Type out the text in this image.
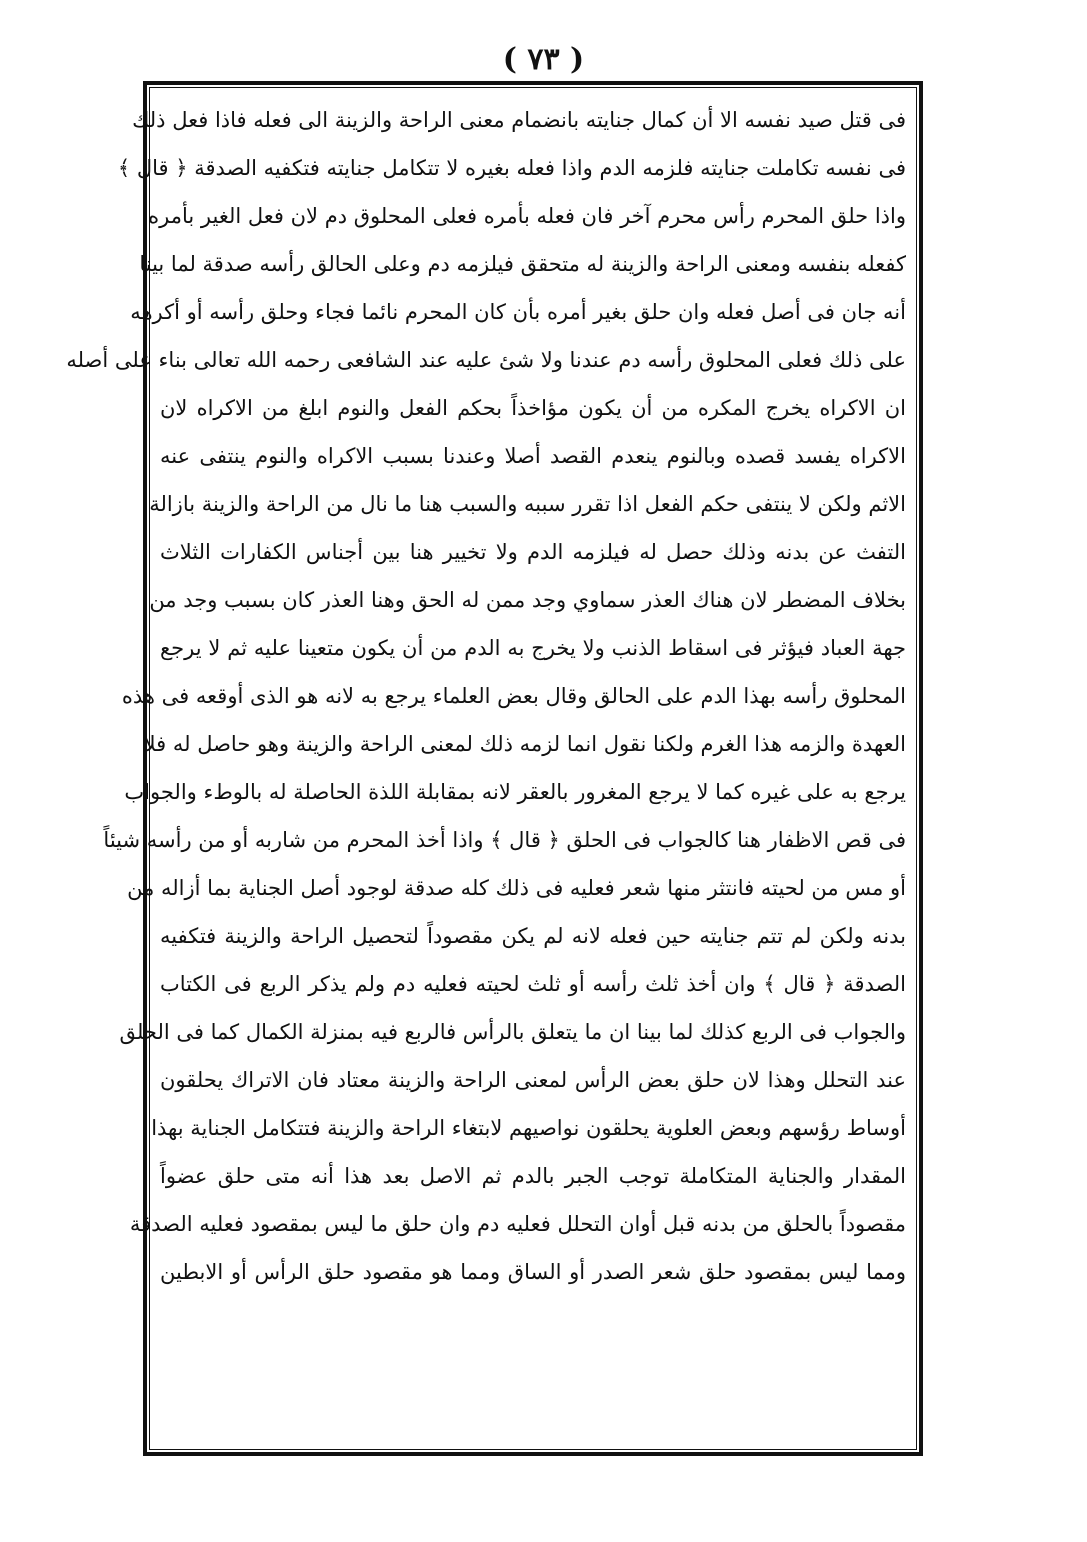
( ٧٣ )
فى قتل صيد نفسه الا أن كمال جنايته بانضمام معنى الراحة والزينة الى فعله فاذا فعل ذلك
فى نفسه تكاملت جنايته فلزمه الدم واذا فعله بغيره لا تتكامل جنايته فتكفيه الصدقة ﴿ قال ﴾
واذا حلق المحرم رأس محرم آخر فان فعله بأمره فعلى المحلوق دم لان فعل الغير بأمره
كفعله بنفسه ومعنى الراحة والزينة له متحقق فيلزمه دم وعلى الحالق رأسه صدقة لما بينا
أنه جان فى أصل فعله وان حلق بغير أمره بأن كان المحرم نائما فجاء وحلق رأسه أو أكرهه
على ذلك فعلى المحلوق رأسه دم عندنا ولا شئ عليه عند الشافعى رحمه الله تعالى بناء على أصله
ان الاكراه يخرج المكره من أن يكون مؤاخذاً بحكم الفعل والنوم ابلغ من الاكراه لان
الاكراه يفسد قصده وبالنوم ينعدم القصد أصلا وعندنا بسبب الاكراه والنوم ينتفى عنه
الاثم ولكن لا ينتفى حكم الفعل اذا تقرر سببه والسبب هنا ما نال من الراحة والزينة بازالة
التفث عن بدنه وذلك حصل له فيلزمه الدم ولا تخيير هنا بين أجناس الكفارات الثلاث
بخلاف المضطر لان هناك العذر سماوي وجد ممن له الحق وهنا العذر كان بسبب وجد من
جهة العباد فيؤثر فى اسقاط الذنب ولا يخرج به الدم من أن يكون متعينا عليه ثم لا يرجع
المحلوق رأسه بهذا الدم على الحالق وقال بعض العلماء يرجع به لانه هو الذى أوقعه فى هذه
العهدة والزمه هذا الغرم ولكنا نقول انما لزمه ذلك لمعنى الراحة والزينة وهو حاصل له فلا
يرجع به على غيره كما لا يرجع المغرور بالعقر لانه بمقابلة اللذة الحاصلة له بالوطء والجواب
فى قص الاظفار هنا كالجواب فى الحلق ﴿ قال ﴾ واذا أخذ المحرم من شاربه أو من رأسه شيئاً
أو مس من لحيته فانتثر منها شعر فعليه فى ذلك كله صدقة لوجود أصل الجناية بما أزاله من
بدنه ولكن لم تتم جنايته حين فعله لانه لم يكن مقصوداً لتحصيل الراحة والزينة فتكفيه
الصدقة ﴿ قال ﴾ وان أخذ ثلث رأسه أو ثلث لحيته فعليه دم ولم يذكر الربع فى الكتاب
والجواب فى الربع كذلك لما بينا ان ما يتعلق بالرأس فالربع فيه بمنزلة الكمال كما فى الحلق
عند التحلل وهذا لان حلق بعض الرأس لمعنى الراحة والزينة معتاد فان الاتراك يحلقون
أوساط رؤسهم وبعض العلوية يحلقون نواصيهم لابتغاء الراحة والزينة فتتكامل الجناية بهذا
المقدار والجناية المتكاملة توجب الجبر بالدم ثم الاصل بعد هذا أنه متى حلق عضواً
مقصوداً بالحلق من بدنه قبل أوان التحلل فعليه دم وان حلق ما ليس بمقصود فعليه الصدقة
ومما ليس بمقصود حلق شعر الصدر أو الساق ومما هو مقصود حلق الرأس أو الابطين
